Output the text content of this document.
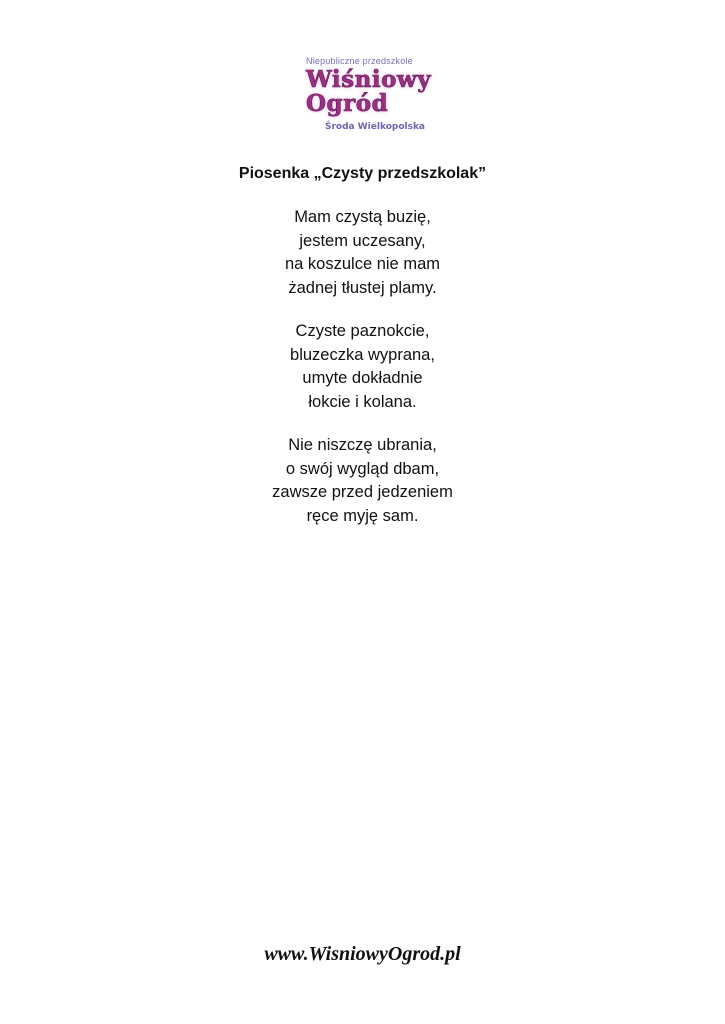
Niepubliczne przedszkole
Wiśniowy
Ogród
Środa Wielkopolska
Piosenka „Czysty przedszkolak”
Mam czystą buzię,
jestem uczesany,
na koszulce nie mam
żadnej tłustej plamy.
Czyste paznokcie,
bluzeczka wyprana,
umyte dokładnie
łokcie i kolana.
Nie niszczę ubrania,
o swój wygląd dbam,
zawsze przed jedzeniem
ręce myję sam.
www.WisniowyOgrod.pl
